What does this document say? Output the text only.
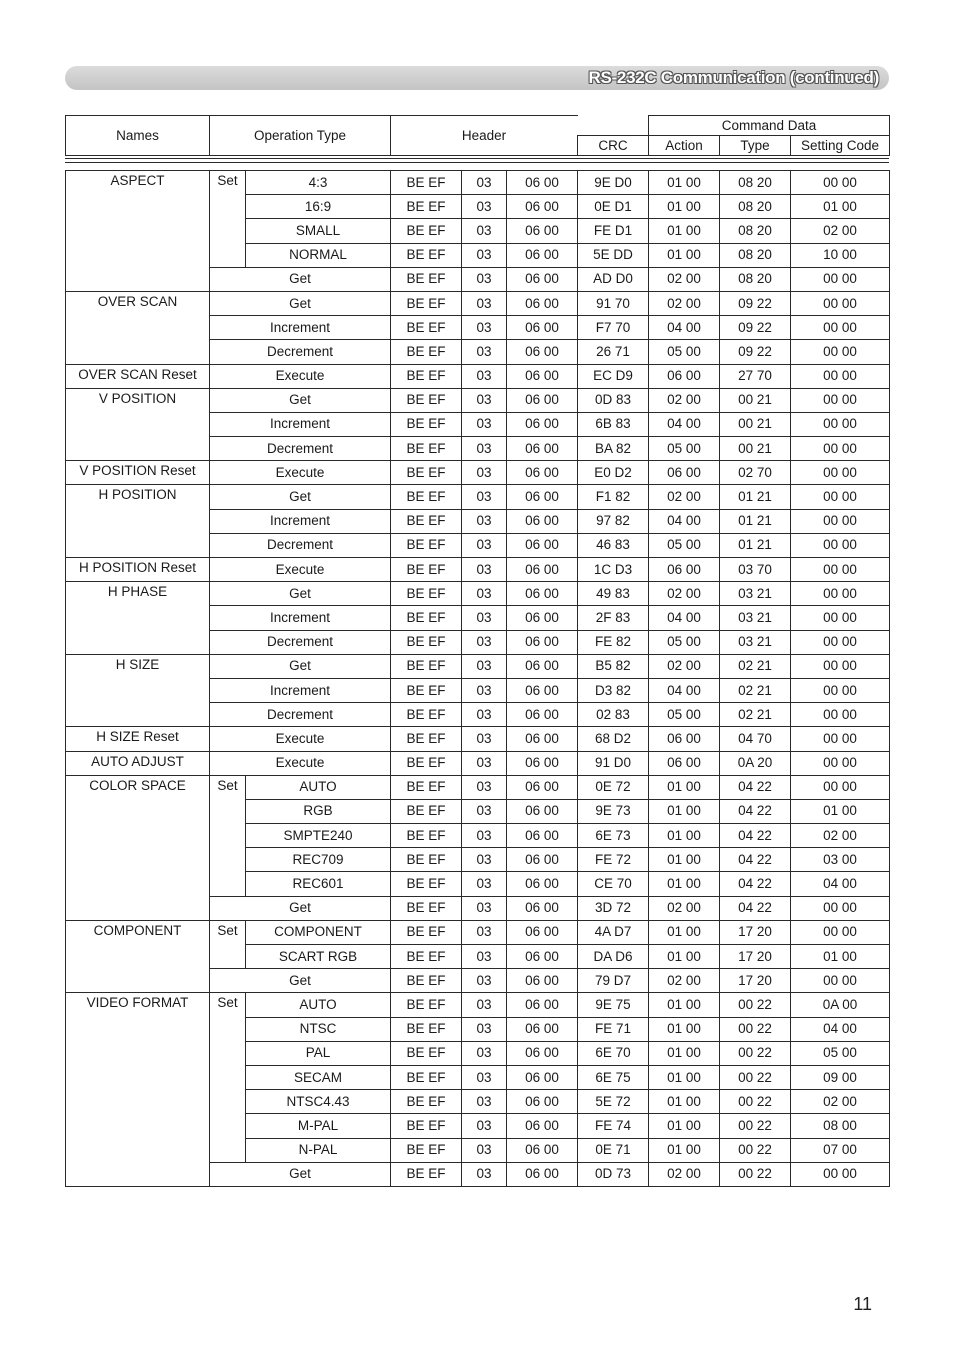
RS-232C Communication (continued)
Names	Operation Type	Header		Command Data		
			CRC	Action	Type	Setting Code
ASPECT	Set	4:3	BE EF	03	06 00	9E D0	01 00	08 20	00 00
		16:9	BE EF	03	06 00	0E D1	01 00	08 20	01 00
		SMALL	BE EF	03	06 00	FE D1	01 00	08 20	02 00
		NORMAL	BE EF	03	06 00	5E DD	01 00	08 20	10 00
	Get		BE EF	03	06 00	AD D0	02 00	08 20	00 00
OVER SCAN	Get		BE EF	03	06 00	91 70	02 00	09 22	00 00
	Increment		BE EF	03	06 00	F7 70	04 00	09 22	00 00
	Decrement		BE EF	03	06 00	26 71	05 00	09 22	00 00
OVER SCAN Reset	Execute		BE EF	03	06 00	EC D9	06 00	27 70	00 00
V POSITION	Get		BE EF	03	06 00	0D 83	02 00	00 21	00 00
	Increment		BE EF	03	06 00	6B 83	04 00	00 21	00 00
	Decrement		BE EF	03	06 00	BA 82	05 00	00 21	00 00
V POSITION Reset	Execute		BE EF	03	06 00	E0 D2	06 00	02 70	00 00
H POSITION	Get		BE EF	03	06 00	F1 82	02 00	01 21	00 00
	Increment		BE EF	03	06 00	97 82	04 00	01 21	00 00
	Decrement		BE EF	03	06 00	46 83	05 00	01 21	00 00
H POSITION Reset	Execute		BE EF	03	06 00	1C D3	06 00	03 70	00 00
H PHASE	Get		BE EF	03	06 00	49 83	02 00	03 21	00 00
	Increment		BE EF	03	06 00	2F 83	04 00	03 21	00 00
	Decrement		BE EF	03	06 00	FE 82	05 00	03 21	00 00
H SIZE	Get		BE EF	03	06 00	B5 82	02 00	02 21	00 00
	Increment		BE EF	03	06 00	D3 82	04 00	02 21	00 00
	Decrement		BE EF	03	06 00	02 83	05 00	02 21	00 00
H SIZE Reset	Execute		BE EF	03	06 00	68 D2	06 00	04 70	00 00
AUTO ADJUST	Execute		BE EF	03	06 00	91 D0	06 00	0A 20	00 00
COLOR SPACE	Set	AUTO	BE EF	03	06 00	0E 72	01 00	04 22	00 00
		RGB	BE EF	03	06 00	9E 73	01 00	04 22	01 00
		SMPTE240	BE EF	03	06 00	6E 73	01 00	04 22	02 00
		REC709	BE EF	03	06 00	FE 72	01 00	04 22	03 00
		REC601	BE EF	03	06 00	CE 70	01 00	04 22	04 00
	Get		BE EF	03	06 00	3D 72	02 00	04 22	00 00
COMPONENT	Set	COMPONENT	BE EF	03	06 00	4A D7	01 00	17 20	00 00
		SCART RGB	BE EF	03	06 00	DA D6	01 00	17 20	01 00
	Get		BE EF	03	06 00	79 D7	02 00	17 20	00 00
VIDEO FORMAT	Set	AUTO	BE EF	03	06 00	9E 75	01 00	00 22	0A 00
		NTSC	BE EF	03	06 00	FE 71	01 00	00 22	04 00
		PAL	BE EF	03	06 00	6E 70	01 00	00 22	05 00
		SECAM	BE EF	03	06 00	6E 75	01 00	00 22	09 00
		NTSC4.43	BE EF	03	06 00	5E 72	01 00	00 22	02 00
		M-PAL	BE EF	03	06 00	FE 74	01 00	00 22	08 00
		N-PAL	BE EF	03	06 00	0E 71	01 00	00 22	07 00
	Get		BE EF	03	06 00	0D 73	02 00	00 22	00 00
11
